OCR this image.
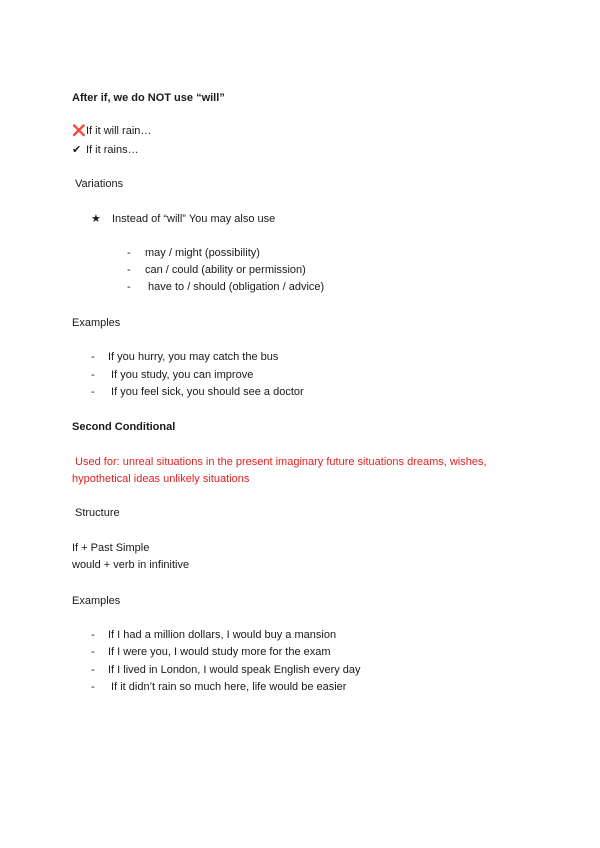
After if, we do NOT use “will”
❌If it will rain…
✔ If it rains…
Variations
★ Instead of “will” You may also use
- may / might (possibility)
- can / could (ability or permission)
- have to / should (obligation / advice)
Examples
- If you hurry, you may catch the bus
- If you study, you can improve
- If you feel sick, you should see a doctor
Second Conditional
Used for: unreal situations in the present imaginary future situations dreams, wishes,
hypothetical ideas unlikely situations
Structure
If + Past Simple
would + verb in infinitive
Examples
- If I had a million dollars, I would buy a mansion
- If I were you, I would study more for the exam
- If I lived in London, I would speak English every day
- If it didn’t rain so much here, life would be easier
